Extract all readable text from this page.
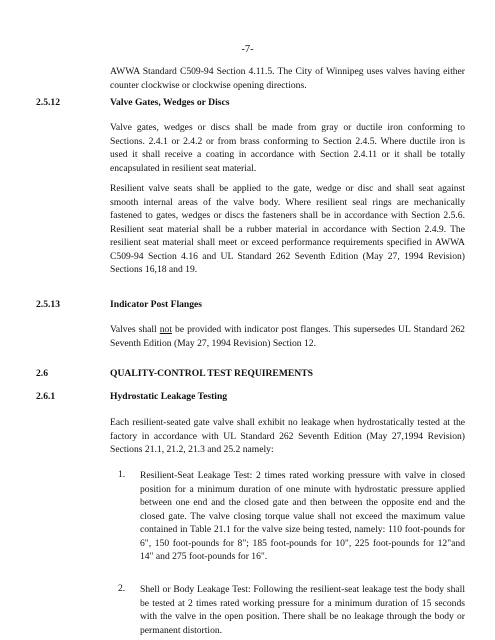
-7-
AWWA Standard C509-94 Section 4.11.5. The City of Winnipeg uses valves having either counter clockwise or clockwise opening directions.
2.5.12	Valve Gates, Wedges or Discs
Valve gates, wedges or discs shall be made from gray or ductile iron conforming to Sections. 2.4.1 or 2.4.2 or from brass conforming to Section 2.4.5. Where ductile iron is used it shall receive a coating in accordance with Section 2.4.11 or it shall be totally encapsulated in resilient seat material.
Resilient valve seats shall be applied to the gate, wedge or disc and shall seat against smooth internal areas of the valve body. Where resilient seal rings are mechanically fastened to gates, wedges or discs the fasteners shall be in accordance with Section 2.5.6. Resilient seat material shall be a rubber material in accordance with Section 2.4.9. The resilient seat material shall meet or exceed performance requirements specified in AWWA C509-94 Section 4.16 and UL Standard 262 Seventh Edition (May 27, 1994 Revision) Sections 16,18 and 19.
2.5.13	Indicator Post Flanges
Valves shall not be provided with indicator post flanges. This supersedes UL Standard 262 Seventh Edition (May 27, 1994 Revision) Section 12.
2.6	QUALITY-CONTROL TEST REQUIREMENTS
2.6.1	Hydrostatic Leakage Testing
Each resilient-seated gate valve shall exhibit no leakage when hydrostatically tested at the factory in accordance with UL Standard 262 Seventh Edition (May 27,1994 Revision) Sections 21.1, 21.2, 21.3 and 25.2 namely:
1. Resilient-Seat Leakage Test: 2 times rated working pressure with valve in closed position for a minimum duration of one minute with hydrostatic pressure applied between one end and the closed gate and then between the opposite end and the closed gate. The valve closing torque value shall not exceed the maximum value contained in Table 21.1 for the valve size being tested, namely: 110 foot-pounds for 6", 150 foot-pounds for 8"; 185 foot-pounds for 10", 225 foot-pounds for 12"and 14" and 275 foot-pounds for 16".
2. Shell or Body Leakage Test: Following the resilient-seat leakage test the body shall be tested at 2 times rated working pressure for a minimum duration of 15 seconds with the valve in the open position. There shall be no leakage through the body or permanent distortion.
